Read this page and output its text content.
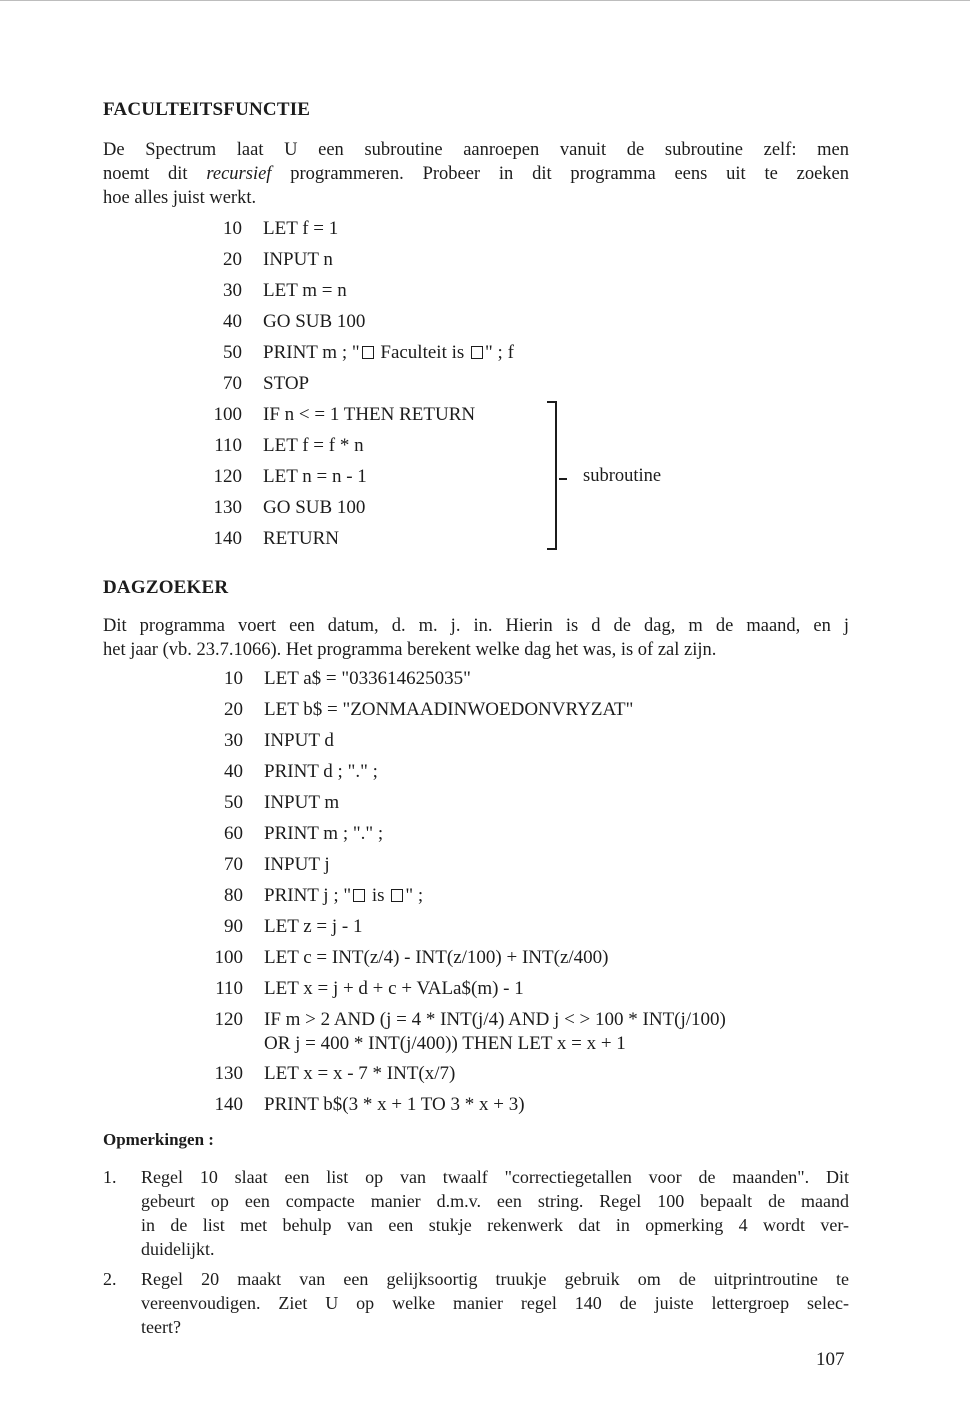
FACULTEITSFUNCTIE
De Spectrum laat U een subroutine aanroepen vanuit de subroutine zelf: men
noemt dit recursief programmeren. Probeer in dit programma eens uit te zoeken
hoe alles juist werkt.
10 LET f = 1
20 INPUT n
30 LET m = n
40 GO SUB 100
50 PRINT m ; " Faculteit is " ; f
70 STOP
100 IF n < = 1 THEN RETURN
110 LET f = f * n
120 LET n = n - 1
130 GO SUB 100
140 RETURN
subroutine
DAGZOEKER
Dit programma voert een datum, d. m. j. in. Hierin is d de dag, m de maand, en j
het jaar (vb. 23.7.1066). Het programma berekent welke dag het was, is of zal zijn.
10 LET a$ = "033614625035"
20 LET b$ = "ZONMAADINWOEDONVRYZAT"
30 INPUT d
40 PRINT d ; "." ;
50 INPUT m
60 PRINT m ; "." ;
70 INPUT j
80 PRINT j ; " is " ;
90 LET z = j - 1
100 LET c = INT(z/4) - INT(z/100) + INT(z/400)
110 LET x = j + d + c + VALa$(m) - 1
120 IF m > 2 AND (j = 4 * INT(j/4) AND j < > 100 * INT(j/100)
OR j = 400 * INT(j/400)) THEN LET x = x + 1
130 LET x = x - 7 * INT(x/7)
140 PRINT b$(3 * x + 1 TO 3 * x + 3)
Opmerkingen :
1. Regel 10 slaat een list op van twaalf "correctiegetallen voor de maanden". Dit
gebeurt op een compacte manier d.m.v. een string. Regel 100 bepaalt de maand
in de list met behulp van een stukje rekenwerk dat in opmerking 4 wordt ver-
duidelijkt.
2. Regel 20 maakt van een gelijksoortig truukje gebruik om de uitprintroutine te
vereenvoudigen. Ziet U op welke manier regel 140 de juiste lettergroep selec-
teert?
107
